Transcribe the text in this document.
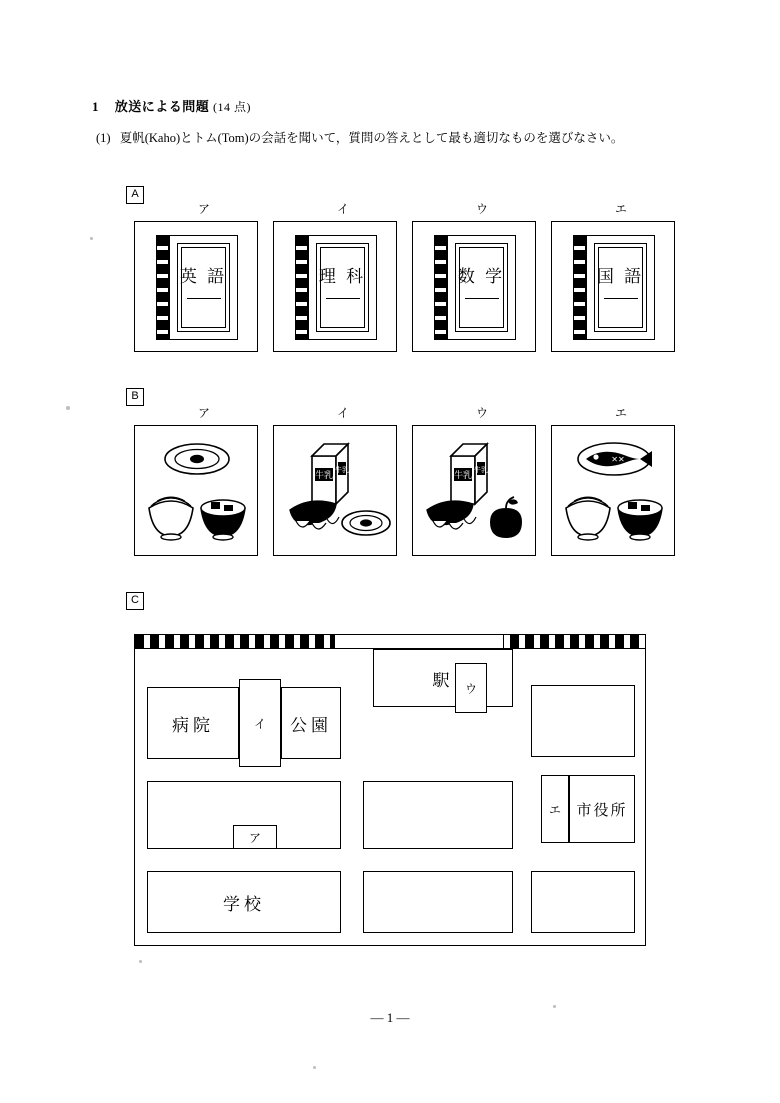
1 放送による問題 (14 点)
(1) 夏帆(Kaho)とトム(Tom)の会話を聞いて，質問の答えとして最も適切なものを選びなさい。
A
ア	イ	ウ	エ
英 語	理 科	数 学	国 語
B
ア	イ	ウ	エ
牛乳 牛乳	牛乳 牛乳
✕✕
C
病院	イ 公園
駅 ウ
ア
エ 市役所
学校
— 1 —
